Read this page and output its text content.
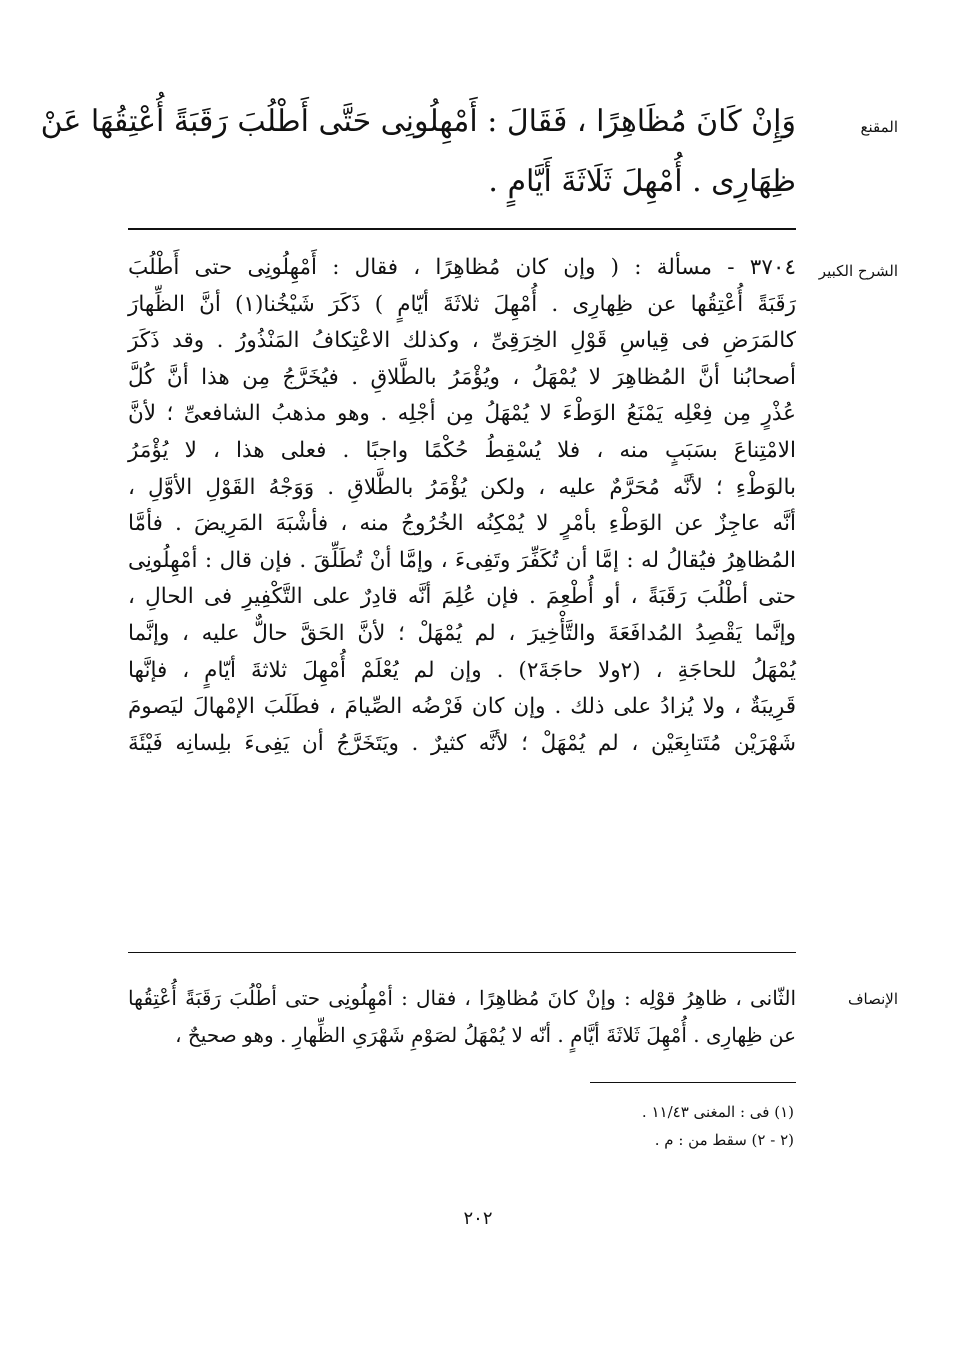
المقنع
وَإِنْ كَانَ مُظَاهِرًا ، فَقَالَ : أَمْهِلُونِى حَتَّى أَطْلُبَ رَقَبَةً أُعْتِقُهَا عَنْ
ظِهَارِى . أُمْهِلَ ثَلَاثَةَ أَيَّامٍ .
الشرح الكبير
٣٧٠٤ - مسألة : ( وإن كان مُظاهِرًا ، فقال : أَمْهِلُونِى حتى أَطْلُبَ
رَقَبَةً أُعْتِقُها عن ظِهارِى . أُمْهِلَ ثلاثَةَ أيّامٍ ) ذَكَرَ شَيْخُنا(١) أنَّ الظِّهارَ
كالمَرَضِ فى قِياسِ قَوْلِ الخِرَقِىِّ ، وكذلك الاعْتِكافُ المَنْذُورُ . وقد ذَكَرَ
أصحابُنا أنَّ المُظاهِرَ لا يُمْهَلُ ، ويُؤْمَرُ بالطَّلاقِ . فيُخَرَّجُ مِن هذا أنَّ كُلَّ
عُذْرٍ مِن فِعْلِه يَمْنَعُ الوَطْءَ لا يُمْهَلُ مِن أجْلِه . وهو مذهبُ الشافعىِّ ؛ لأنَّ
الامْتِناعَ بسَبَبٍ منه ، فلا يُسْقِطُ حُكْمًا واجبًا . فعلى هذا ، لا يُؤْمَرُ
بالوَطْءِ ؛ لأنَّه مُحَرَّمٌ عليه ، ولكن يُؤْمَرُ بالطَّلاقِ . وَوَجْهُ القَوْلِ الأوَّلِ ،
أنَّه عاجِزٌ عن الوَطْءِ بأمْرٍ لا يُمْكِنُه الخُرُوجُ منه ، فأشْبَهَ المَرِيضَ . فأمَّا
المُظاهِرُ فيُقالُ له : إمَّا أن تُكَفِّرَ وتَفِىءَ ، وإمَّا أنْ تُطَلِّقَ . فإن قال : أمْهِلُونِى
حتى أطْلُبَ رَقَبَةً ، أو أُطْعِمَ . فإن عُلِمَ أنَّه قادِرٌ على التَّكْفِيرِ فى الحالِ ،
وإنَّما يَقْصِدُ المُدافَعَةَ والتَّأْخِيرَ ، لم يُمْهَلْ ؛ لأنَّ الحَقَّ حالٌّ عليه ، وإنَّما
يُمْهَلُ للحاجَةِ ، (٢ولا حاجَةَ٢) . وإن لم يُعْلَمْ أُمْهِلَ ثلاثةَ أيّامٍ ، فإنَّها
قَرِيبَةٌ ، ولا يُزادُ على ذلك . وإن كان فَرْضُه الصِّيامَ ، فطَلَبَ الإمْهالَ ليَصومَ
شَهْرَيْن مُتَتابِعَيْن ، لم يُمْهَلْ ؛ لأنَّه كثيرٌ . ويَتَخَرَّجُ أن يَفِىءَ بلِسانِه فَيْئَةَ
الإنصاف
الثّانى ، ظاهِرُ قوْلِه : وإنْ كانَ مُظاهِرًا ، فقال : أمْهِلُونِى حتى أطْلُبَ رَقَبَةً أُعْتِقُها
عن ظِهارِى . أُمْهِلَ ثَلاثَةَ أيَّامٍ . أنّه لا يُمْهَلُ لصَوْمِ شَهْرَىِ الظِّهارِ . وهو صحيحٌ ،
(١) فى : المغنى ١١/٤٣ .
(٢ - ٢) سقط من : م .
٢٠٢
